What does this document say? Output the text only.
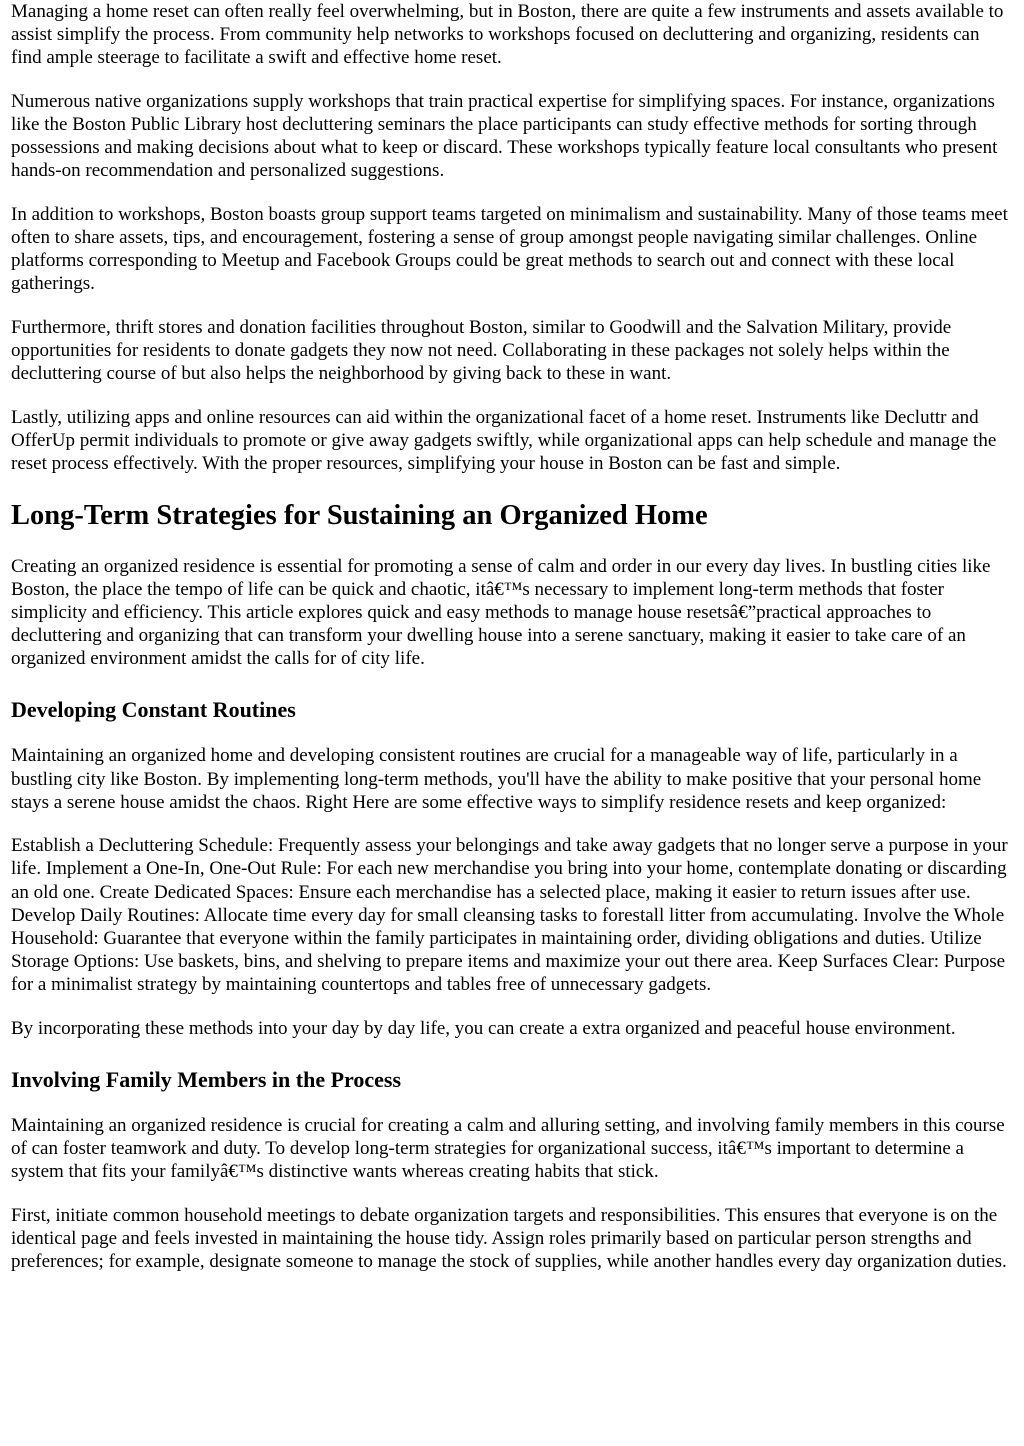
Managing a home reset can often really feel overwhelming, but in Boston, there are quite a few instruments and assets available to assist simplify the process. From community help networks to workshops focused on decluttering and organizing, residents can find ample steerage to facilitate a swift and effective home reset.

Numerous native organizations supply workshops that train practical expertise for simplifying spaces. For instance, organizations like the Boston Public Library host decluttering seminars the place participants can study effective methods for sorting through possessions and making decisions about what to keep or discard. These workshops typically feature local consultants who present hands-on recommendation and personalized suggestions.

In addition to workshops, Boston boasts group support teams targeted on minimalism and sustainability. Many of those teams meet often to share assets, tips, and encouragement, fostering a sense of group amongst people navigating similar challenges. Online platforms corresponding to Meetup and Facebook Groups could be great methods to search out and connect with these local gatherings.

Furthermore, thrift stores and donation facilities throughout Boston, similar to Goodwill and the Salvation Military, provide opportunities for residents to donate gadgets they now not need. Collaborating in these packages not solely helps within the decluttering course of but also helps the neighborhood by giving back to these in want.

Lastly, utilizing apps and online resources can aid within the organizational facet of a home reset. Instruments like Decluttr and OfferUp permit individuals to promote or give away gadgets swiftly, while organizational apps can help schedule and manage the reset process effectively. With the proper resources, simplifying your house in Boston can be fast and simple.

Long-Term Strategies for Sustaining an Organized Home

Creating an organized residence is essential for promoting a sense of calm and order in our every day lives. In bustling cities like Boston, the place the tempo of life can be quick and chaotic, itâ€™s necessary to implement long-term methods that foster simplicity and efficiency. This article explores quick and easy methods to manage house resetsâ€”practical approaches to decluttering and organizing that can transform your dwelling house into a serene sanctuary, making it easier to take care of an organized environment amidst the calls for of city life.

Developing Constant Routines

Maintaining an organized home and developing consistent routines are crucial for a manageable way of life, particularly in a bustling city like Boston. By implementing long-term methods, you'll have the ability to make positive that your personal home stays a serene house amidst the chaos. Right Here are some effective ways to simplify residence resets and keep organized:

Establish a Decluttering Schedule: Frequently assess your belongings and take away gadgets that no longer serve a purpose in your life. Implement a One-In, One-Out Rule: For each new merchandise you bring into your home, contemplate donating or discarding an old one. Create Dedicated Spaces: Ensure each merchandise has a selected place, making it easier to return issues after use. Develop Daily Routines: Allocate time every day for small cleansing tasks to forestall litter from accumulating. Involve the Whole Household: Guarantee that everyone within the family participates in maintaining order, dividing obligations and duties. Utilize Storage Options: Use baskets, bins, and shelving to prepare items and maximize your out there area. Keep Surfaces Clear: Purpose for a minimalist strategy by maintaining countertops and tables free of unnecessary gadgets.

By incorporating these methods into your day by day life, you can create a extra organized and peaceful house environment.

Involving Family Members in the Process

Maintaining an organized residence is crucial for creating a calm and alluring setting, and involving family members in this course of can foster teamwork and duty. To develop long-term strategies for organizational success, itâ€™s important to determine a system that fits your familyâ€™s distinctive wants whereas creating habits that stick.

First, initiate common household meetings to debate organization targets and responsibilities. This ensures that everyone is on the identical page and feels invested in maintaining the house tidy. Assign roles primarily based on particular person strengths and preferences; for example, designate someone to manage the stock of supplies, while another handles every day organization duties.
